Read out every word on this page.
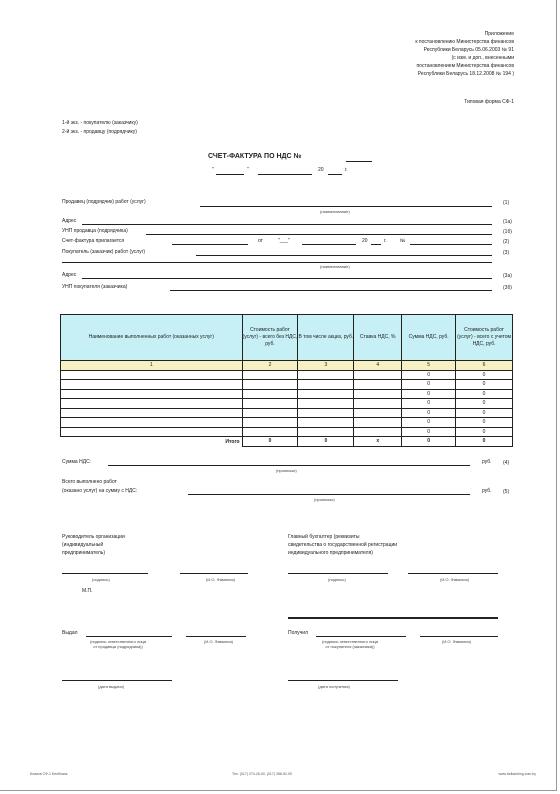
Приложение
к постановлению Министерства финансов
Республики Беларусь 05.06.2003 № 91
(с изм. и доп., внесенными
постановлением Министерства финансов
Республики Беларусь 18.12.2008 № 194 )
Типовая форма СФ-1
1-й экз. - покупателю (заказчику)
2-й экз. - продавцу (подрядчику)
СЧЕТ-ФАКТУРА ПО НДС №
"	"	20	г.
Продавец (подрядчик) работ (услуг)	(1)
(наименование)
Адрес	(1а)
УНП продавца (подрядчика)	(1б)
Счет-фактура прилагается	от	"___"	20	г.	№	(2)
Покупатель (заказчик) работ (услуг)	(3)
(наименование)
Адрес	(3а)
УНП покупателя (заказчика)	(3б)
Наименование выполненных работ (оказанных услуг)	Стоимость работ (услуг) - всего без НДС, руб.	В том числе акциз, руб.	Ставка НДС, %	Сумма НДС, руб.	Стоимость работ (услуг) - всего с учетом НДС, руб.
1	2	3	4	5	6
				0	0
				0	0
				0	0
				0	0
				0	0
				0	0
				0	0
Итого	0	0	x	0	0
Сумма НДС:	руб. (4)
(прописью)
Всего выполнено работ
(оказано услуг) на сумму с НДС:	руб. (5)
(прописью)
Руководитель организации
(индивидуальный
предприниматель)
(подпись)	(И.О. Фамилия)
М.П.
Главный бухгалтер (реквизиты
свидетельства о государственной регистрации
индивидуального предпринимателя)
(подпись)	(И.О. Фамилия)
Выдал
(подпись ответственного лица
от продавца (подрядчика))
(И.О. Фамилия)
Получил
(подпись ответственного лица
от покупателя (заказчика))
(И.О. Фамилия)
(дата выдачи)	(дата получения)
Бланки СФ-1 Белбланк	Тел. (017) 274-26-00, (017) 286-52-00	www.belbanking.com.by
